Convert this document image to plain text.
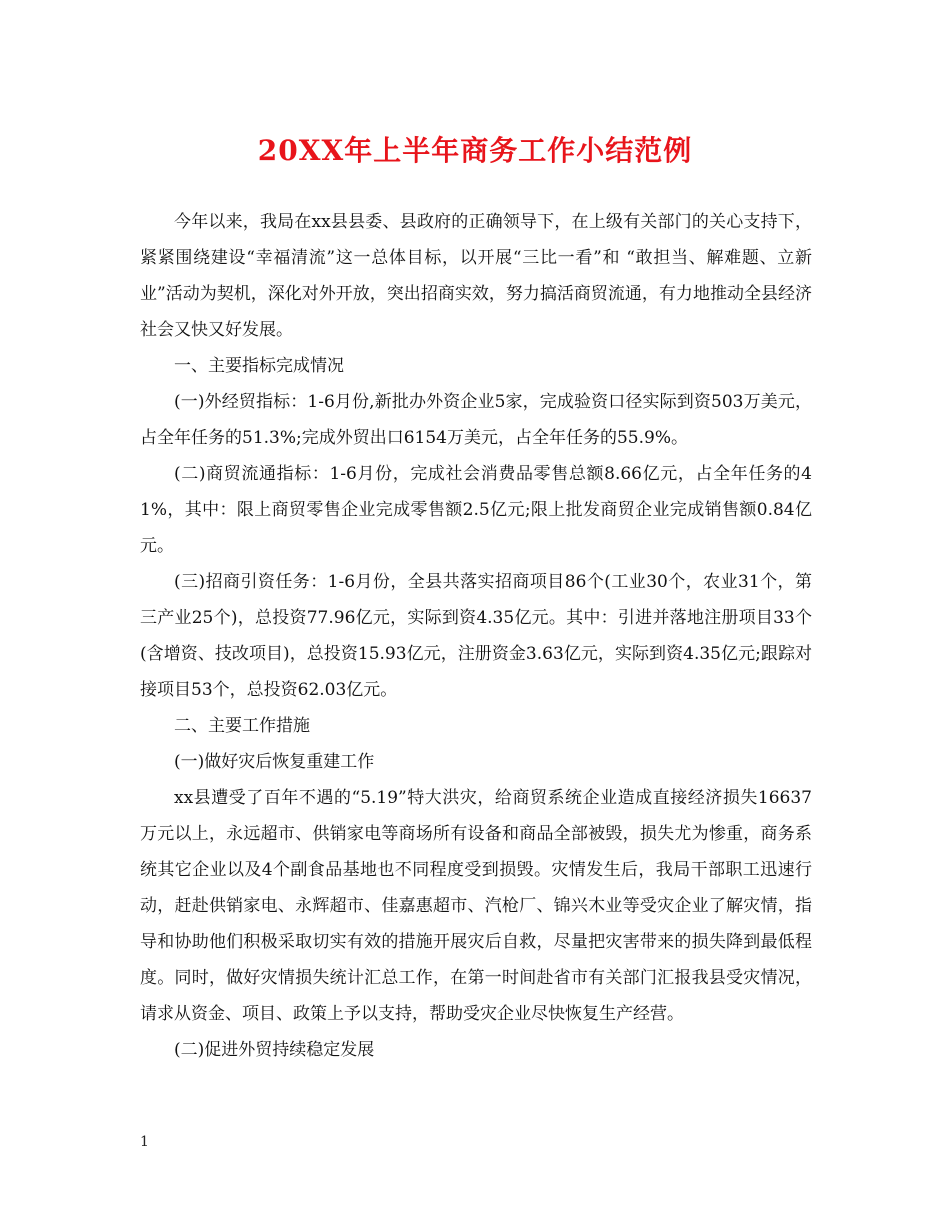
20XX年上半年商务工作小结范例

今年以来，我局在xx县县委、县政府的正确领导下，在上级有关部门的关心支持下，紧紧围绕建设“幸福清流”这一总体目标，以开展“三比一看”和 “敢担当、解难题、立新业”活动为契机，深化对外开放，突出招商实效，努力搞活商贸流通，有力地推动全县经济社会又快又好发展。

一、主要指标完成情况

(一)外经贸指标：1-6月份,新批办外资企业5家，完成验资口径实际到资503万美元，占全年任务的51.3%;完成外贸出口6154万美元，占全年任务的55.9%。

(二)商贸流通指标：1-6月份，完成社会消费品零售总额8.66亿元，占全年任务的41%，其中：限上商贸零售企业完成零售额2.5亿元;限上批发商贸企业完成销售额0.84亿元。

(三)招商引资任务：1-6月份，全县共落实招商项目86个(工业30个，农业31个，第三产业25个)，总投资77.96亿元，实际到资4.35亿元。其中：引进并落地注册项目33个(含增资、技改项目)，总投资15.93亿元，注册资金3.63亿元，实际到资4.35亿元;跟踪对接项目53个，总投资62.03亿元。

二、主要工作措施

(一)做好灾后恢复重建工作

xx县遭受了百年不遇的“5.19”特大洪灾，给商贸系统企业造成直接经济损失16637万元以上，永远超市、供销家电等商场所有设备和商品全部被毁，损失尤为惨重，商务系统其它企业以及4个副食品基地也不同程度受到损毁。灾情发生后，我局干部职工迅速行动，赶赴供销家电、永辉超市、佳嘉惠超市、汽枪厂、锦兴木业等受灾企业了解灾情，指导和协助他们积极采取切实有效的措施开展灾后自救，尽量把灾害带来的损失降到最低程度。同时，做好灾情损失统计汇总工作，在第一时间赴省市有关部门汇报我县受灾情况，请求从资金、项目、政策上予以支持，帮助受灾企业尽快恢复生产经营。

(二)促进外贸持续稳定发展

1
